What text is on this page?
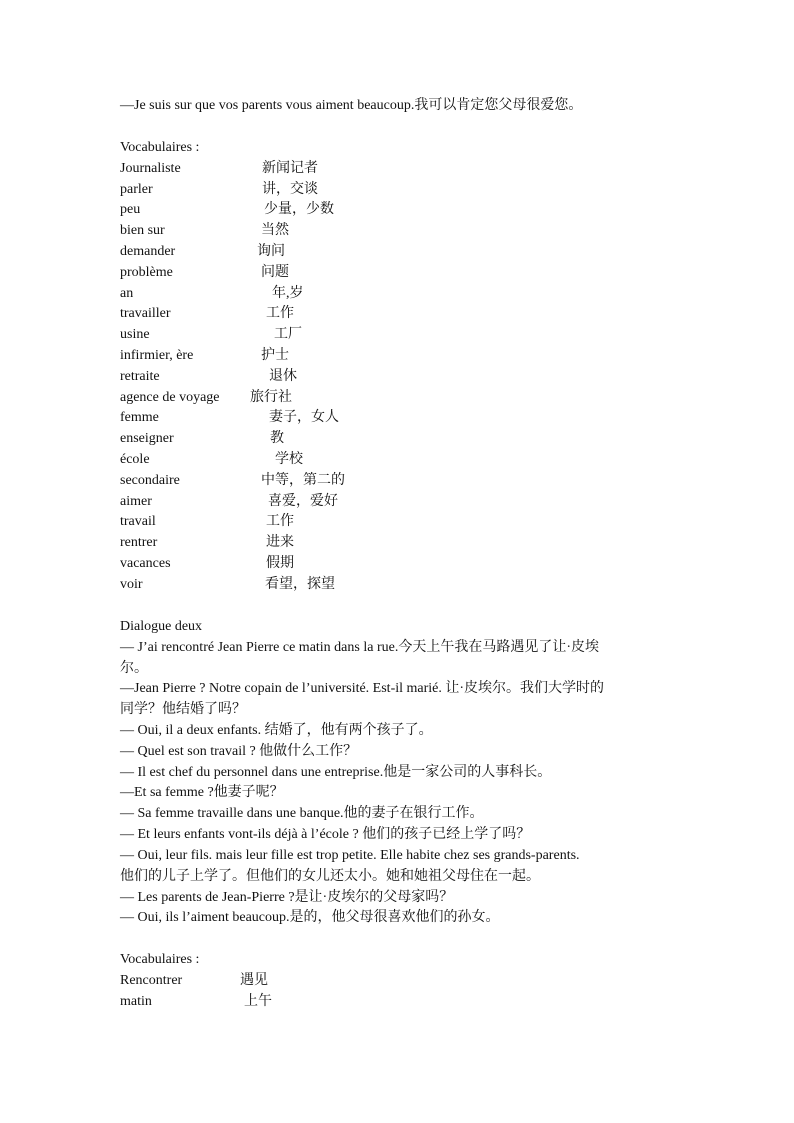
—Je suis sur que vos parents vous aiment beaucoup.我可以肯定您父母很爱您。
Vocabulaires :
Journaliste	新闻记者
parler	讲，交谈
peu	少量，少数
bien sur	当然
demander	询问
problème	问题
an	年,岁
travailler	工作
usine	工厂
infirmier, ère	护士
retraite	退休
agence de voyage 旅行社
femme	妻子，女人
enseigner	教
école	学校
secondaire	中等，第二的
aimer	喜爱，爱好
travail	工作
rentrer	进来
vacances	假期
voir	看望，探望
Dialogue deux
— J’ai rencontré Jean Pierre ce matin dans la rue.今天上午我在马路遇见了让·皮埃
尔。
—Jean Pierre ? Notre copain de l’université. Est-il marié. 让·皮埃尔。我们大学时的
同学？他结婚了吗？
— Oui, il a deux enfants. 结婚了，他有两个孩子了。
— Quel est son travail ? 他做什么工作？
— Il est chef du personnel dans une entreprise.他是一家公司的人事科长。
—Et sa femme ?他妻子呢？
— Sa femme travaille dans une banque.他的妻子在银行工作。
— Et leurs enfants vont-ils déjà à l’école ? 他们的孩子已经上学了吗？
— Oui, leur fils. mais leur fille est trop petite. Elle habite chez ses grands-parents.
他们的儿子上学了。但他们的女儿还太小。她和她祖父母住在一起。
— Les parents de Jean-Pierre ?是让·皮埃尔的父母家吗？
— Oui, ils l’aiment beaucoup.是的，他父母很喜欢他们的孙女。
Vocabulaires :
Rencontrer	遇见
matin	上午
